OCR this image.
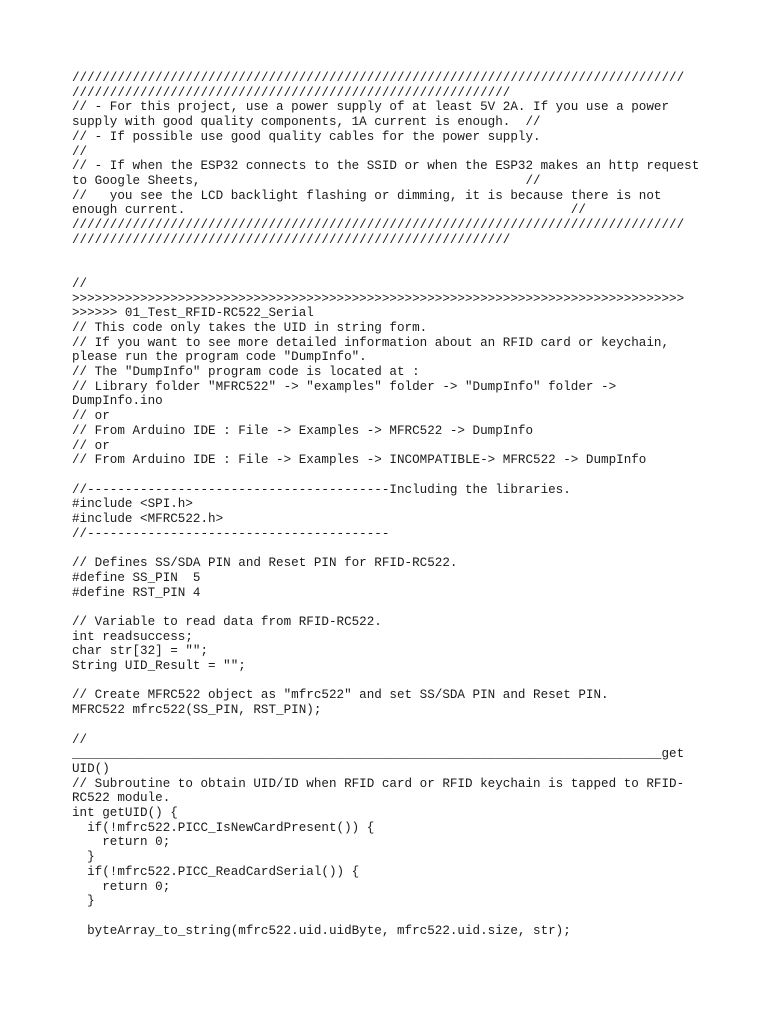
/////////////////////////////////////////////////////////////////////////////////
//////////////////////////////////////////////////////////
// - For this project, use a power supply of at least 5V 2A. If you use a power
supply with good quality components, 1A current is enough.  //
// - If possible use good quality cables for the power supply.
//
// - If when the ESP32 connects to the SSID or when the ESP32 makes an http request
to Google Sheets,                                           //
//   you see the LCD backlight flashing or dimming, it is because there is not
enough current.                                                   //
/////////////////////////////////////////////////////////////////////////////////
//////////////////////////////////////////////////////////
//
>>>>>>>>>>>>>>>>>>>>>>>>>>>>>>>>>>>>>>>>>>>>>>>>>>>>>>>>>>>>>>>>>>>>>>>>>>>>>>>>>
>>>>>> 01_Test_RFID-RC522_Serial
// This code only takes the UID in string form.
// If you want to see more detailed information about an RFID card or keychain,
please run the program code "DumpInfo".
// The "DumpInfo" program code is located at :
// Library folder "MFRC522" -> "examples" folder -> "DumpInfo" folder ->
DumpInfo.ino
// or
// From Arduino IDE : File -> Examples -> MFRC522 -> DumpInfo
// or
// From Arduino IDE : File -> Examples -> INCOMPATIBLE-> MFRC522 -> DumpInfo
//----------------------------------------Including the libraries.
#include <SPI.h>
#include <MFRC522.h>
//----------------------------------------
// Defines SS/SDA PIN and Reset PIN for RFID-RC522.
#define SS_PIN  5
#define RST_PIN 4
// Variable to read data from RFID-RC522.
int readsuccess;
char str[32] = "";
String UID_Result = "";
// Create MFRC522 object as "mfrc522" and set SS/SDA PIN and Reset PIN.
MFRC522 mfrc522(SS_PIN, RST_PIN);
//
______________________________________________________________________________get
UID()
// Subroutine to obtain UID/ID when RFID card or RFID keychain is tapped to RFID-
RC522 module.
int getUID() {
if(!mfrc522.PICC_IsNewCardPresent()) {
return 0;
}
if(!mfrc522.PICC_ReadCardSerial()) {
return 0;
}
byteArray_to_string(mfrc522.uid.uidByte, mfrc522.uid.size, str);
